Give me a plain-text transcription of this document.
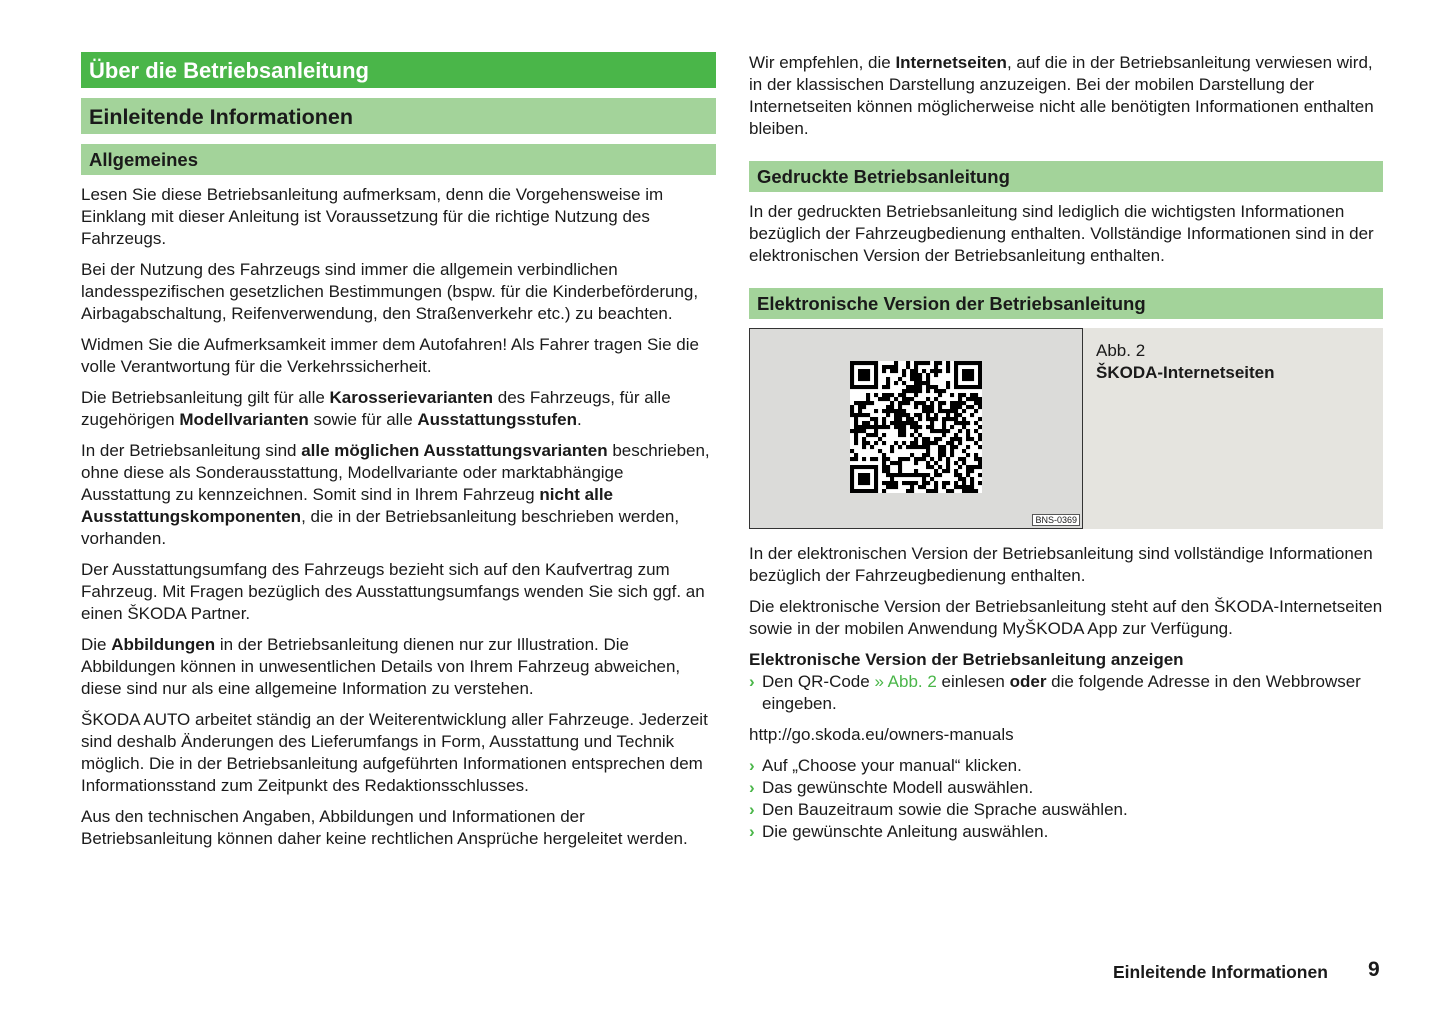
Über die Betriebsanleitung
Einleitende Informationen
Allgemeines

Lesen Sie diese Betriebsanleitung aufmerksam, denn die Vorgehensweise im Einklang mit dieser Anleitung ist Voraussetzung für die richtige Nutzung des Fahrzeugs.

Bei der Nutzung des Fahrzeugs sind immer die allgemein verbindlichen landesspezifischen gesetzlichen Bestimmungen (bspw. für die Kinderbeförderung, Airbagabschaltung, Reifenverwendung, den Straßenverkehr etc.) zu beachten.

Widmen Sie die Aufmerksamkeit immer dem Autofahren! Als Fahrer tragen Sie die volle Verantwortung für die Verkehrssicherheit.

Die Betriebsanleitung gilt für alle Karosserievarianten des Fahrzeugs, für alle zugehörigen Modellvarianten sowie für alle Ausstattungsstufen.

In der Betriebsanleitung sind alle möglichen Ausstattungsvarianten beschrieben, ohne diese als Sonderausstattung, Modellvariante oder marktabhängige Ausstattung zu kennzeichnen. Somit sind in Ihrem Fahrzeug nicht alle Ausstattungskomponenten, die in der Betriebsanleitung beschrieben werden, vorhanden.

Der Ausstattungsumfang des Fahrzeugs bezieht sich auf den Kaufvertrag zum Fahrzeug. Mit Fragen bezüglich des Ausstattungsumfangs wenden Sie sich ggf. an einen ŠKODA Partner.

Die Abbildungen in der Betriebsanleitung dienen nur zur Illustration. Die Abbildungen können in unwesentlichen Details von Ihrem Fahrzeug abweichen, diese sind nur als eine allgemeine Information zu verstehen.

ŠKODA AUTO arbeitet ständig an der Weiterentwicklung aller Fahrzeuge. Jederzeit sind deshalb Änderungen des Lieferumfangs in Form, Ausstattung und Technik möglich. Die in der Betriebsanleitung aufgeführten Informationen entsprechen dem Informationsstand zum Zeitpunkt des Redaktionsschlusses.

Aus den technischen Angaben, Abbildungen und Informationen der Betriebsanleitung können daher keine rechtlichen Ansprüche hergeleitet werden.

Wir empfehlen, die Internetseiten, auf die in der Betriebsanleitung verwiesen wird, in der klassischen Darstellung anzuzeigen. Bei der mobilen Darstellung der Internetseiten können möglicherweise nicht alle benötigten Informationen enthalten bleiben.

Gedruckte Betriebsanleitung

In der gedruckten Betriebsanleitung sind lediglich die wichtigsten Informationen bezüglich der Fahrzeugbedienung enthalten. Vollständige Informationen sind in der elektronischen Version der Betriebsanleitung enthalten.

Elektronische Version der Betriebsanleitung
BNS-0369
Abb. 2
ŠKODA-Internetseiten

In der elektronischen Version der Betriebsanleitung sind vollständige Informationen bezüglich der Fahrzeugbedienung enthalten.

Die elektronische Version der Betriebsanleitung steht auf den ŠKODA-Internetseiten sowie in der mobilen Anwendung MyŠKODA App zur Verfügung.

Elektronische Version der Betriebsanleitung anzeigen
› Den QR-Code » Abb. 2 einlesen oder die folgende Adresse in den Webbrowser eingeben.

http://go.skoda.eu/owners-manuals

› Auf „Choose your manual“ klicken.
› Das gewünschte Modell auswählen.
› Den Bauzeitraum sowie die Sprache auswählen.
› Die gewünschte Anleitung auswählen.
Einleitende Informationen 9
